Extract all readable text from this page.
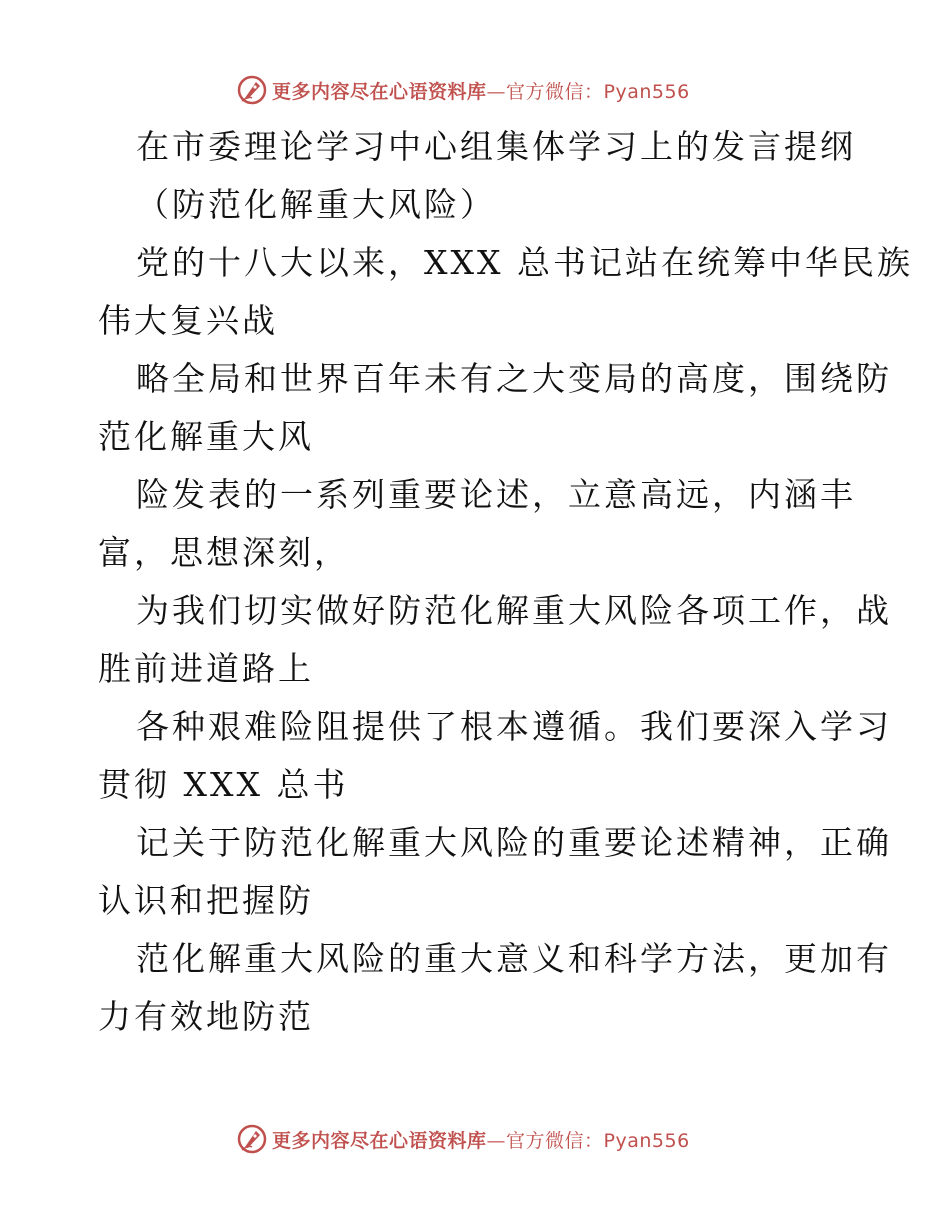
更多内容尽在心语资料库—官方微信：Pyan556
在市委理论学习中心组集体学习上的发言提纲
（防范化解重大风险）
党的十八大以来，XXX 总书记站在统筹中华民族
伟大复兴战
略全局和世界百年未有之大变局的高度，围绕防
范化解重大风
险发表的一系列重要论述，立意高远，内涵丰
富，思想深刻，
为我们切实做好防范化解重大风险各项工作，战
胜前进道路上
各种艰难险阻提供了根本遵循。我们要深入学习
贯彻 XXX 总书
记关于防范化解重大风险的重要论述精神，正确
认识和把握防
范化解重大风险的重大意义和科学方法，更加有
力有效地防范
更多内容尽在心语资料库—官方微信：Pyan556
